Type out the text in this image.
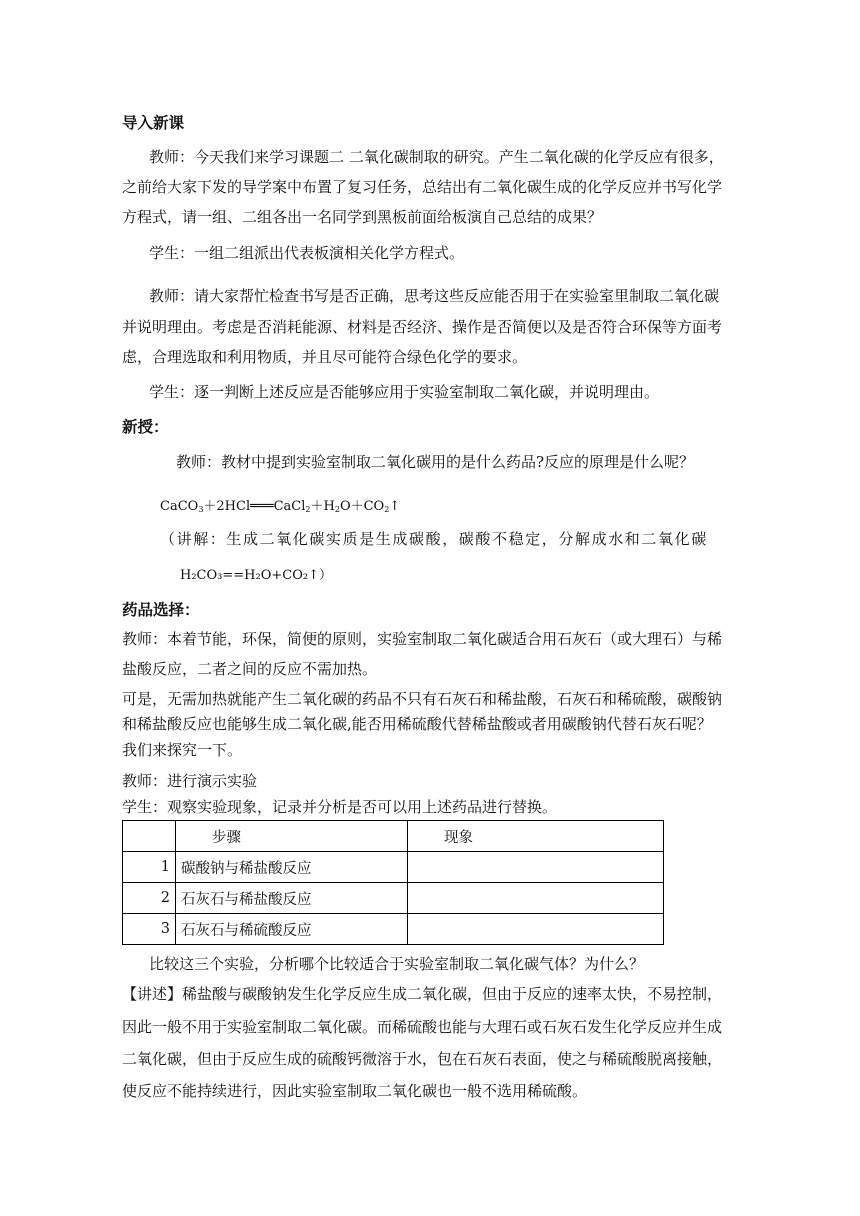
导入新课
教师：今天我们来学习课题二 二氧化碳制取的研究。产生二氧化碳的化学反应有很多，
之前给大家下发的导学案中布置了复习任务，总结出有二氧化碳生成的化学反应并书写化学
方程式，请一组、二组各出一名同学到黑板前面给板演自己总结的成果？
学生：一组二组派出代表板演相关化学方程式。
教师：请大家帮忙检查书写是否正确，思考这些反应能否用于在实验室里制取二氧化碳
并说明理由。考虑是否消耗能源、材料是否经济、操作是否简便以及是否符合环保等方面考
虑，合理选取和利用物质，并且尽可能符合绿色化学的要求。
学生：逐一判断上述反应是否能够应用于实验室制取二氧化碳，并说明理由。
新授：
教师：教材中提到实验室制取二氧化碳用的是什么药品?反应的原理是什么呢？
$CaCO_3+2HCl═══CaCl_2+H_2O+CO_2↑$
（讲解：生成二氧化碳实质是生成碳酸，碳酸不稳定，分解成水和二氧化碳
H₂CO₃==H₂O+CO₂↑）
药品选择：
教师：本着节能，环保，简便的原则，实验室制取二氧化碳适合用石灰石（或大理石）与稀
盐酸反应，二者之间的反应不需加热。
可是，无需加热就能产生二氧化碳的药品不只有石灰石和稀盐酸，石灰石和稀硫酸，碳酸钠
和稀盐酸反应也能够生成二氧化碳,能否用稀硫酸代替稀盐酸或者用碳酸钠代替石灰石呢？
我们来探究一下。
教师：进行演示实验
学生：观察实验现象，记录并分析是否可以用上述药品进行替换。
	步骤	现象
1	碳酸钠与稀盐酸反应	
2	石灰石与稀盐酸反应	
3	石灰石与稀硫酸反应	
比较这三个实验，分析哪个比较适合于实验室制取二氧化碳气体？为什么？
【讲述】稀盐酸与碳酸钠发生化学反应生成二氧化碳，但由于反应的速率太快，不易控制，
因此一般不用于实验室制取二氧化碳。而稀硫酸也能与大理石或石灰石发生化学反应并生成
二氧化碳，但由于反应生成的硫酸钙微溶于水，包在石灰石表面，使之与稀硫酸脱离接触，
使反应不能持续进行，因此实验室制取二氧化碳也一般不选用稀硫酸。
